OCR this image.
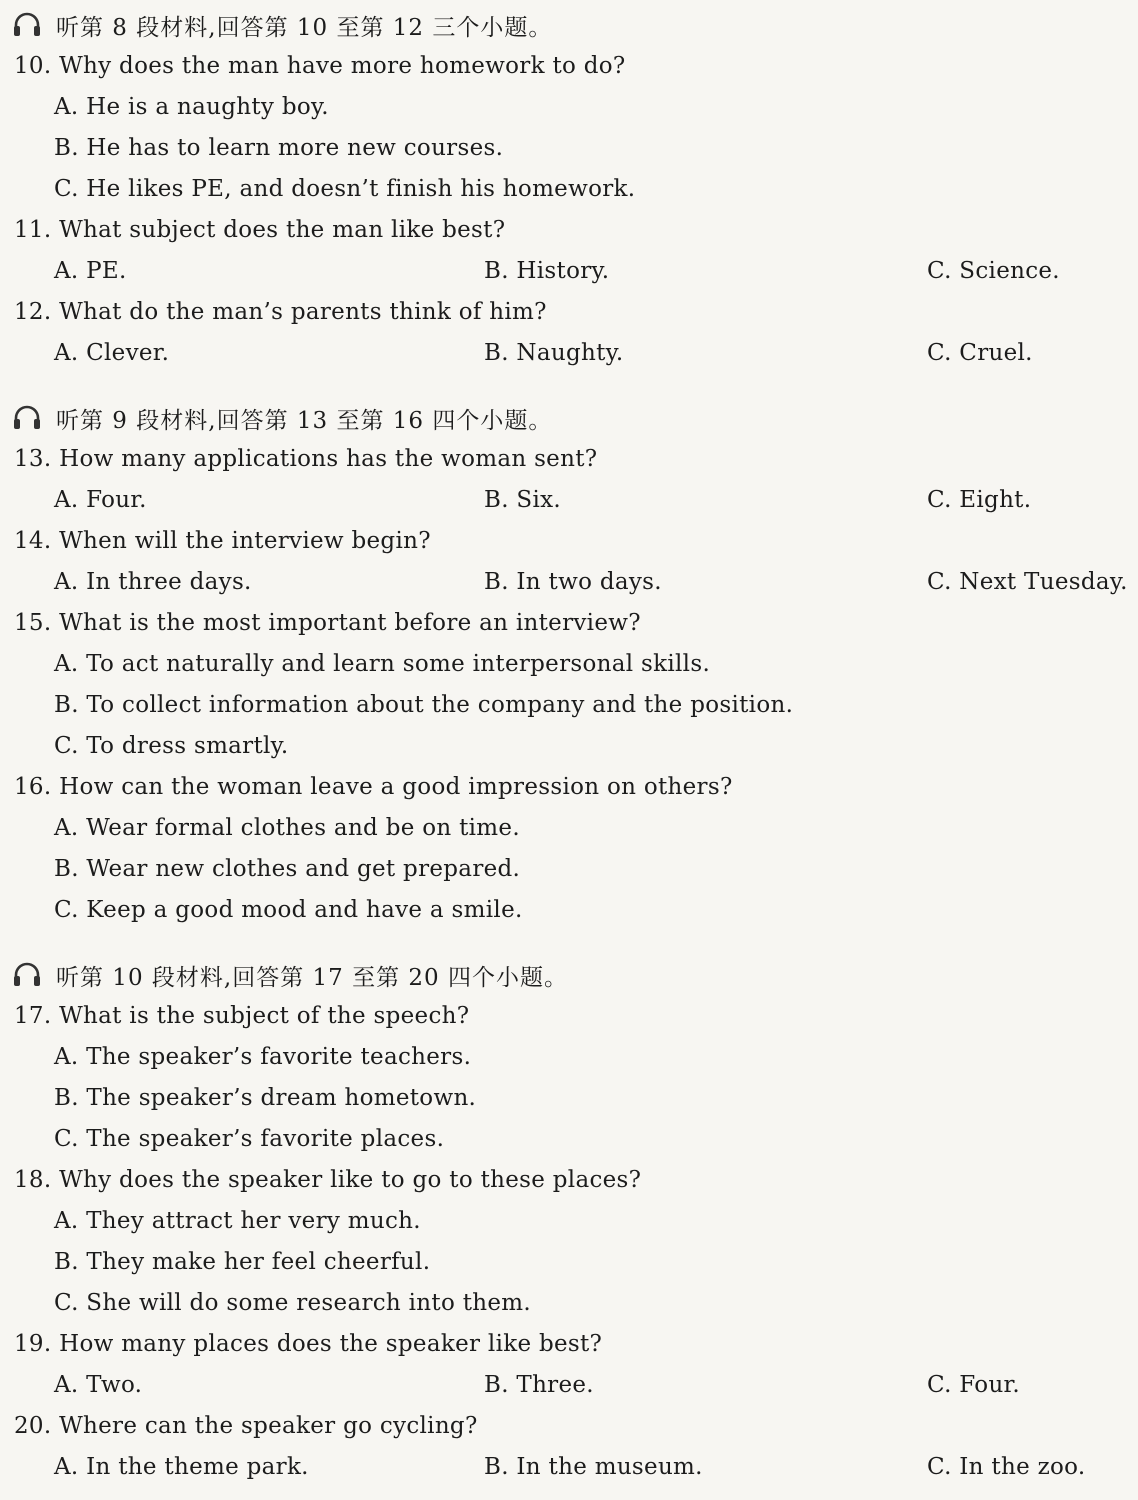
听第 8 段材料,回答第 10 至第 12 三个小题。
10. Why does the man have more homework to do?
A. He is a naughty boy.
B. He has to learn more new courses.
C. He likes PE, and doesn’t finish his homework.
11. What subject does the man like best?
A. PE.	B. History.	C. Science.
12. What do the man’s parents think of him?
A. Clever.	B. Naughty.	C. Cruel.
听第 9 段材料,回答第 13 至第 16 四个小题。
13. How many applications has the woman sent?
A. Four.	B. Six.	C. Eight.
14. When will the interview begin?
A. In three days.	B. In two days.	C. Next Tuesday.
15. What is the most important before an interview?
A. To act naturally and learn some interpersonal skills.
B. To collect information about the company and the position.
C. To dress smartly.
16. How can the woman leave a good impression on others?
A. Wear formal clothes and be on time.
B. Wear new clothes and get prepared.
C. Keep a good mood and have a smile.
听第 10 段材料,回答第 17 至第 20 四个小题。
17. What is the subject of the speech?
A. The speaker’s favorite teachers.
B. The speaker’s dream hometown.
C. The speaker’s favorite places.
18. Why does the speaker like to go to these places?
A. They attract her very much.
B. They make her feel cheerful.
C. She will do some research into them.
19. How many places does the speaker like best?
A. Two.	B. Three.	C. Four.
20. Where can the speaker go cycling?
A. In the theme park.	B. In the museum.	C. In the zoo.
